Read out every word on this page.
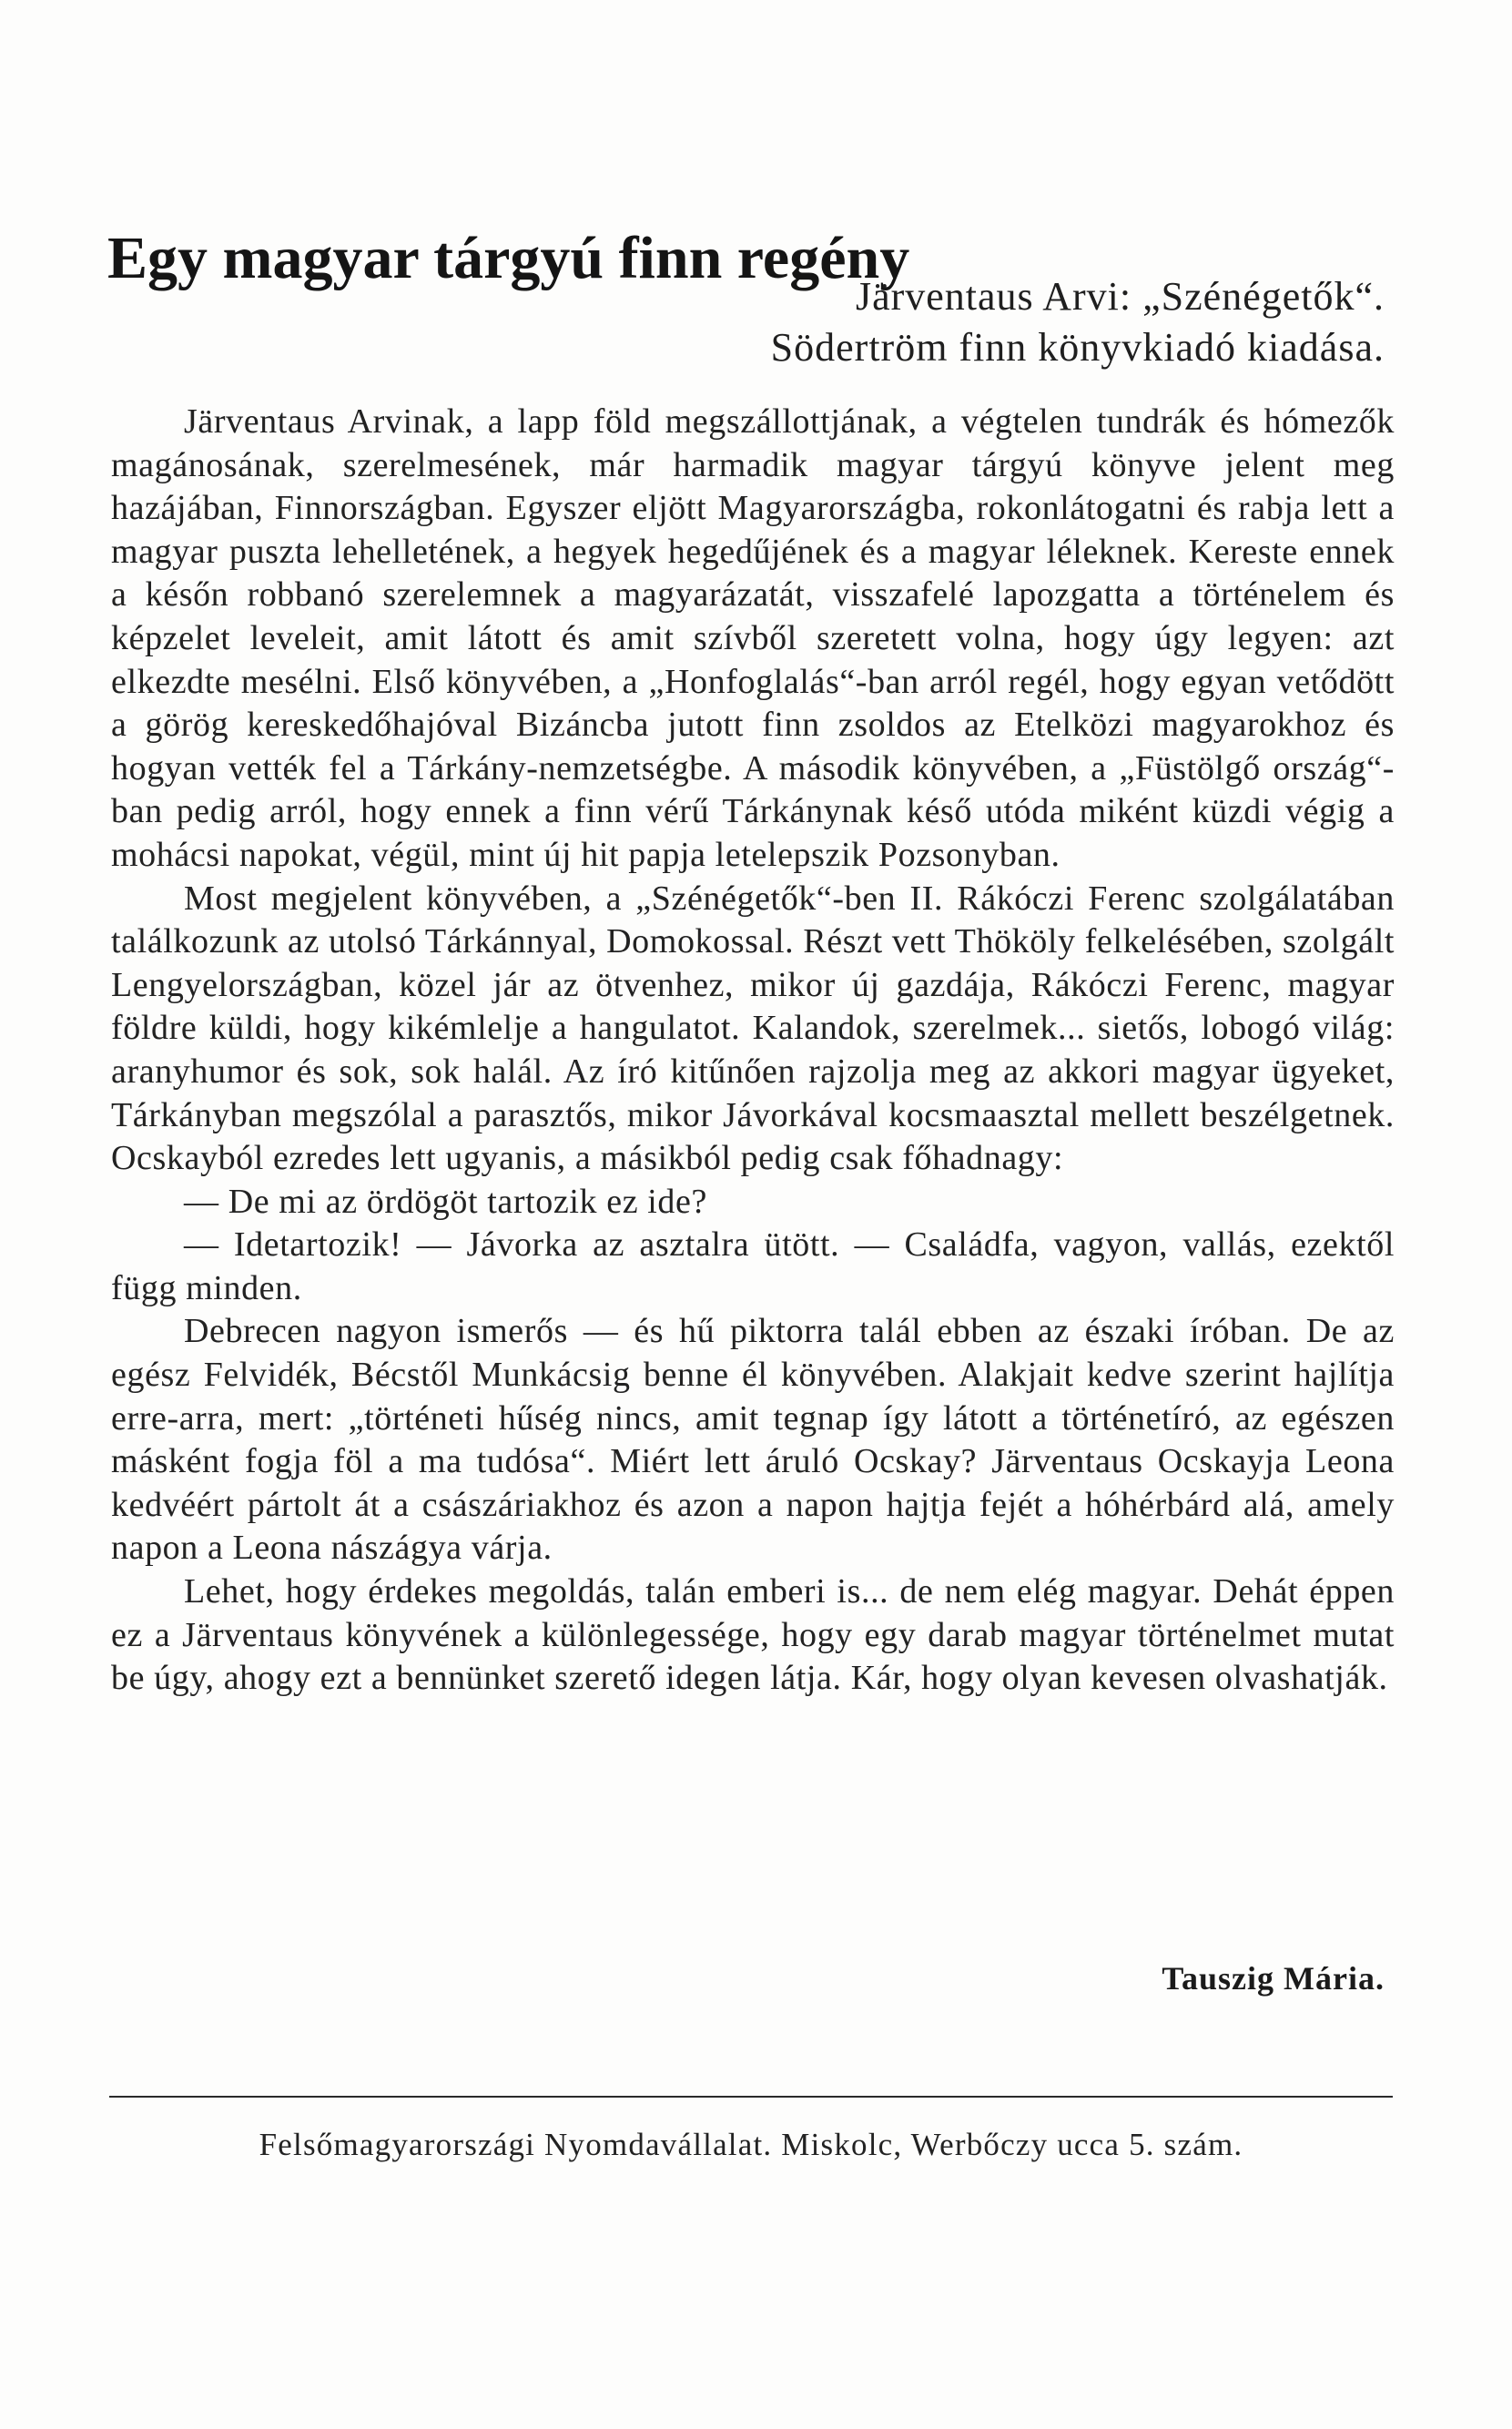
Egy magyar tárgyú finn regény
Järventaus Arvi: „Szénégetők“.
Södertröm finn könyvkiadó kiadása.

Järventaus Arvinak, a lapp föld megszállottjának, a végtelen tundrák és hómezők magánosának, szerelmesének, már harmadik magyar tárgyú könyve jelent meg hazájában, Finnországban. Egyszer eljött Magyarországba, rokonlátogatni és rabja lett a magyar puszta lehelletének, a hegyek hegedűjének és a magyar léleknek. Kereste ennek a későn robbanó szerelemnek a magyarázatát, visszafelé lapozgatta a történelem és képzelet leveleit, amit látott és amit szívből szeretett volna, hogy úgy legyen: azt elkezdte mesélni. Első könyvében, a „Honfoglalás“-ban arról regél, hogy egyan vetődött a görög kereskedőhajóval Bizáncba jutott finn zsoldos az Etelközi magyarokhoz és hogyan vették fel a Tárkány-nemzetségbe. A második könyvében, a „Füstölgő ország“-ban pedig arról, hogy ennek a finn vérű Tárkánynak késő utóda miként küzdi végig a mohácsi napokat, végül, mint új hit papja letelepszik Pozsonyban.

Most megjelent könyvében, a „Szénégetők“-ben II. Rákóczi Ferenc szolgálatában találkozunk az utolsó Tárkánnyal, Domokossal. Részt vett Thököly felkelésében, szolgált Lengyelországban, közel jár az ötvenhez, mikor új gazdája, Rákóczi Ferenc, magyar földre küldi, hogy kikémlelje a hangulatot. Kalandok, szerelmek... sietős, lobogó világ: aranyhumor és sok, sok halál. Az író kitűnően rajzolja meg az akkori magyar ügyeket, Tárkányban megszólal a parasztős, mikor Jávorkával kocsmaasztal mellett beszélgetnek. Ocskayból ezredes lett ugyanis, a másikból pedig csak főhadnagy:

— De mi az ördögöt tartozik ez ide?

— Idetartozik! — Jávorka az asztalra ütött. — Családfa, vagyon, vallás, ezektől függ minden.

Debrecen nagyon ismerős — és hű piktorra talál ebben az északi íróban. De az egész Felvidék, Bécstől Munkácsig benne él könyvében. Alakjait kedve szerint hajlítja erre-arra, mert: „történeti hűség nincs, amit tegnap így látott a történetíró, az egészen másként fogja föl a ma tudósa“. Miért lett áruló Ocskay? Järventaus Ocskayja Leona kedvéért pártolt át a császáriakhoz és azon a napon hajtja fejét a hóhérbárd alá, amely napon a Leona nászágya várja.

Lehet, hogy érdekes megoldás, talán emberi is... de nem elég magyar. Dehát éppen ez a Järventaus könyvének a különlegessége, hogy egy darab magyar történelmet mutat be úgy, ahogy ezt a bennünket szerető idegen látja. Kár, hogy olyan kevesen olvashatják.

Tauszig Mária.
Felsőmagyarországi Nyomdavállalat. Miskolc, Werbőczy ucca 5. szám.
